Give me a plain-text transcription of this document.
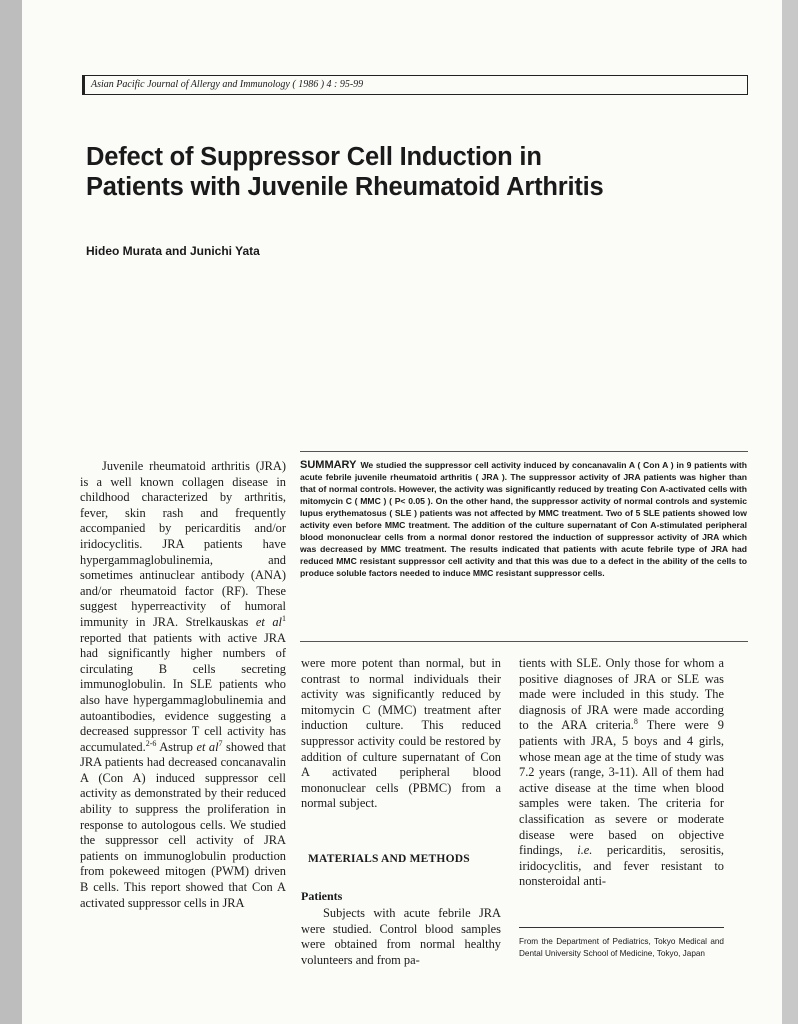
Asian Pacific Journal of Allergy and Immunology ( 1986 ) 4 : 95-99
Defect of Suppressor Cell Induction in
Patients with Juvenile Rheumatoid Arthritis
Hideo Murata and Junichi Yata

SUMMARY We studied the suppressor cell activity induced by concanavalin A ( Con A ) in 9 patients with acute febrile juvenile rheumatoid arthritis ( JRA ). The suppressor activity of JRA patients was higher than that of normal controls. However, the activity was significantly reduced by treating Con A-activated cells with mitomycin C ( MMC ) ( P< 0.05 ). On the other hand, the suppressor activity of normal controls and systemic lupus erythematosus ( SLE ) patients was not affected by MMC treatment. Two of 5 SLE patients showed low activity even before MMC treatment. The addition of the culture supernatant of Con A-stimulated peripheral blood mononuclear cells from a normal donor restored the induction of suppressor activity of JRA which was decreased by MMC treatment. The results indicated that patients with acute febrile type of JRA had reduced MMC resistant suppressor cell activity and that this was due to a defect in the ability of the cells to produce soluble factors needed to induce MMC resistant suppressor cells.

Juvenile rheumatoid arthritis (JRA) is a well known collagen disease in childhood characterized by arthritis, fever, skin rash and frequently accompanied by pericarditis and/or iridocyclitis. JRA patients have hypergammaglobulinemia, and sometimes antinuclear antibody (ANA) and/or rheumatoid factor (RF). These suggest hyperreactivity of humoral immunity in JRA. Strelkauskas et $al^1$ reported that patients with active JRA had significantly higher numbers of circulating B cells secreting immunoglobulin. In SLE patients who also have hypergammaglobulinemia and autoantibodies, evidence suggesting a decreased suppressor T cell activity has accumulated.$^{2-6}$ Astrup et $al^7$ showed that JRA patients had decreased concanavalin A (Con A) induced suppressor cell activity as demonstrated by their reduced ability to suppress the proliferation in response to autologous cells. We studied the suppressor cell activity of JRA patients on immunoglobulin production from pokeweed mitogen (PWM) driven B cells. This report showed that Con A activated suppressor cells in JRA

were more potent than normal, but in contrast to normal individuals their activity was significantly reduced by mitomycin C (MMC) treatment after induction culture. This reduced suppressor activity could be restored by addition of culture supernatant of Con A activated peripheral blood mononuclear cells (PBMC) from a normal subject.

MATERIALS AND METHODS
Patients

Subjects with acute febrile JRA were studied. Control blood samples were obtained from normal healthy volunteers and from pa-

tients with SLE. Only those for whom a positive diagnoses of JRA or SLE was made were included in this study. The diagnosis of JRA were made according to the ARA criteria.$^8$ There were 9 patients with JRA, 5 boys and 4 girls, whose mean age at the time of study was 7.2 years (range, 3-11). All of them had active disease at the time when blood samples were taken. The criteria for classification as severe or moderate disease were based on objective findings, i.e. pericarditis, serositis, iridocyclitis, and fever resistant to nonsteroidal anti-

From the Department of Pediatrics, Tokyo Medical and Dental University School of Medicine, Tokyo, Japan
